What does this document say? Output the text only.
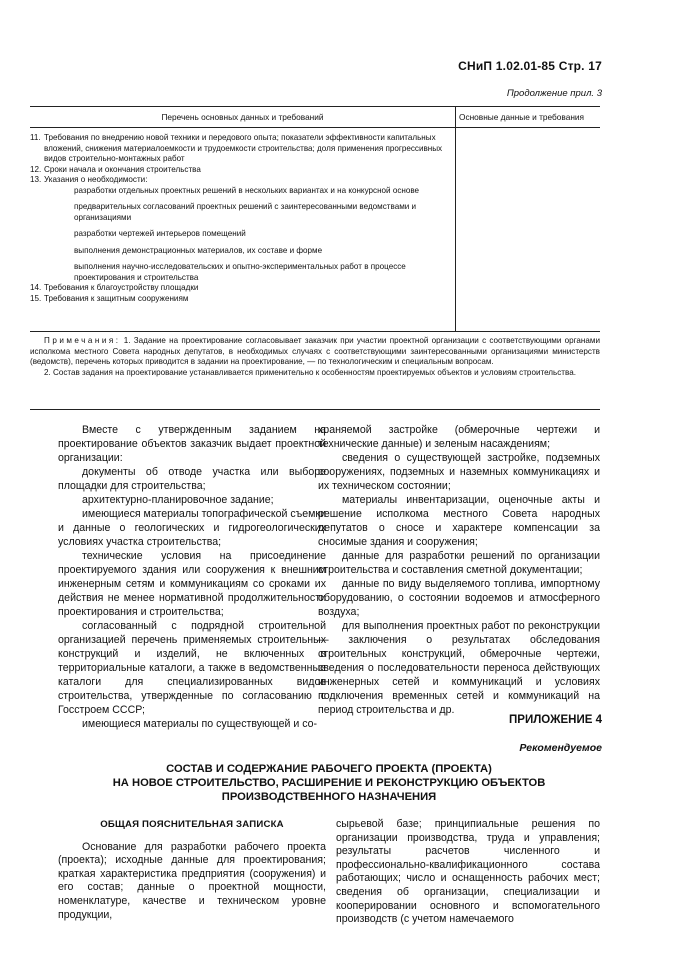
СНиП 1.02.01-85 Стр. 17
Продолжение прил. 3
Перечень основных данных и требований	Основные данные и требования
11. Требования по внедрению новой техники и передового опыта; показатели эффективности капитальных вложений, снижения материалоемкости и трудоемкости строительства; доля применения прогрессивных видов строительно-монтажных работ
12. Сроки начала и окончания строительства
13. Указания о необходимости:
разработки отдельных проектных решений в нескольких вариантах и на конкурсной основе
предварительных согласований проектных решений с заинтересованными ведомствами и организациями
разработки чертежей интерьеров помещений
выполнения демонстрационных материалов, их составе и форме
выполнения научно-исследовательских и опытно-экспериментальных работ в процессе проектирования и строительства
14. Требования к благоустройству площадки
15. Требования к защитным сооружениям

Примечания: 1. Задание на проектирование согласовывает заказчик при участии проектной организации с соответствующими органами исполкома местного Совета народных депутатов, в необходимых случаях с соответствующими заинтересованными организациями министерств (ведомств), перечень которых приводится в задании на проектирование, — по технологическим и специальным вопросам.

2. Состав задания на проектирование устанавливается применительно к особенностям проектируемых объектов и условиям строительства.

Вместе с утвержденным заданием на проектирование объектов заказчик выдает проектной организации:

документы об отводе участка или выборе площадки для строительства;

архитектурно-планировочное задание;

имеющиеся материалы топографической съемки и данные о геологических и гидрогеологических условиях участка строительства;

технические условия на присоединение проектируемого здания или сооружения к внешним инженерным сетям и коммуникациям со сроками их действия не менее нормативной продолжительности проектирования и строительства;

согласованный с подрядной строительной организацией перечень применяемых строительных конструкций и изделий, не включенных в территориальные каталоги, а также в ведомственные каталоги для специализированных видов строительства, утвержденные по согласованию с Госстроем СССР;

имеющиеся материалы по существующей и со-

храняемой застройке (обмерочные чертежи и технические данные) и зеленым насаждениям;

сведения о существующей застройке, подземных сооружениях, подземных и наземных коммуникациях и их техническом состоянии;

материалы инвентаризации, оценочные акты и решение исполкома местного Совета народных депутатов о сносе и характере компенсации за сносимые здания и сооружения;

данные для разработки решений по организации строительства и составления сметной документации;

данные по виду выделяемого топлива, импортному оборудованию, о состоянии водоемов и атмосферного воздуха;

для выполнения проектных работ по реконструкции — заключения о результатах обследования строительных конструкций, обмерочные чертежи, сведения о последовательности переноса действующих инженерных сетей и коммуникаций и условиях подключения временных сетей и коммуникаций на период строительства и др.

ПРИЛОЖЕНИЕ 4
Рекомендуемое
СОСТАВ И СОДЕРЖАНИЕ РАБОЧЕГО ПРОЕКТА (ПРОЕКТА)
НА НОВОЕ СТРОИТЕЛЬСТВО, РАСШИРЕНИЕ И РЕКОНСТРУКЦИЮ ОБЪЕКТОВ
ПРОИЗВОДСТВЕННОГО НАЗНАЧЕНИЯ
ОБЩАЯ ПОЯСНИТЕЛЬНАЯ ЗАПИСКА

Основание для разработки рабочего проекта (проекта); исходные данные для проектирования; краткая характеристика предприятия (сооружения) и его состав; данные о проектной мощности, номенклатуре, качестве и техническом уровне продукции,

сырьевой базе; принципиальные решения по организации производства, труда и управления; результаты расчетов численного и профессионально-квалификационного состава работающих; число и оснащенность рабочих мест; сведения об организации, специализации и кооперировании основного и вспомогательного производств (с учетом намечаемого
